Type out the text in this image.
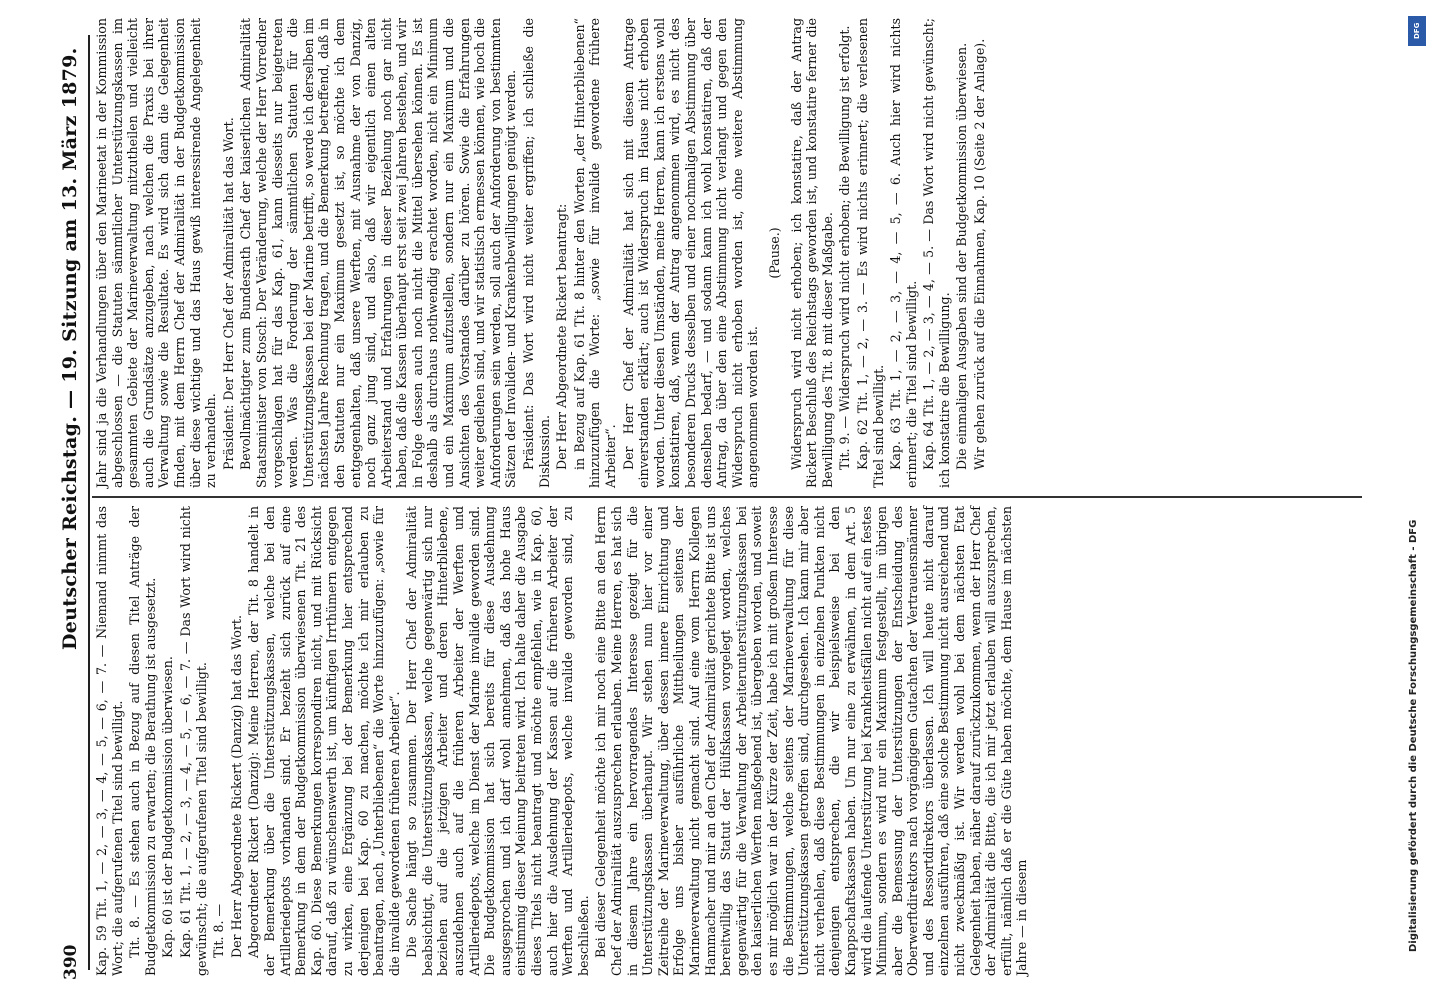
390
Deutscher Reichstag. — 19. Sitzung am 13. März 1879.

Kap. 59 Tit. 1, — 2, — 3, — 4, — 5, — 6, — 7. — Niemand nimmt das Wort; die aufgerufenen Titel sind bewilligt. Tit. 8. — Es stehen auch in Bezug auf diesen Titel Anträge der Budgetkommission zu erwarten; die Berathung ist ausgesetzt. Kap. 60 ist der Budgetkommission überwiesen. Kap. 61 Tit. 1, — 2, — 3, — 4, — 5, — 6, — 7. — Das Wort wird nicht gewünscht; die aufgerufenen Titel sind bewilligt. Tit. 8. — Der Herr Abgeordnete Rickert (Danzig) hat das Wort. Abgeordneter Rickert (Danzig): Meine Herren, der Tit. 8 handelt in der Bemerkung über die Unterstützungskassen, welche bei den Artilleriedepots vorhanden sind. Er bezieht sich zurück auf eine Bemerkung in dem der Budgetkommission überwiesenen Tit. 21 des Kap. 60. Diese Bemerkungen korrespondiren nicht, und mit Rücksicht darauf, daß zu wünschenswerth ist, um künftigen Irrthümern entgegen zu wirken, eine Ergänzung bei der Bemerkung hier entsprechend derjenigen bei Kap. 60 zu machen, möchte ich mir erlauben zu beantragen, nach „Unterbliebenen“ die Worte hinzuzufügen: „sowie für die invalide gewordenen früheren Arbeiter“. Die Sache hängt so zusammen. Der Herr Chef der Admiralität beabsichtigt, die Unterstützungskassen, welche gegenwärtig sich nur beziehen auf die jetzigen Arbeiter und deren Hinterbliebene, auszudehnen auch auf die früheren Arbeiter der Werften und Artilleriedepots, welche im Dienst der Marine invalide geworden sind. Die Budgetkommission hat sich bereits für diese Ausdehnung ausgesprochen und ich darf wohl annehmen, daß das hohe Haus einstimmig dieser Meinung beitreten wird. Ich halte daher die Ausgabe dieses Titels nicht beantragt und möchte empfehlen, wie in Kap. 60, auch hier die Ausdehnung der Kassen auf die früheren Arbeiter der Werften und Artilleriedepots, welche invalide geworden sind, zu beschließen. Bei dieser Gelegenheit möchte ich mir noch eine Bitte an den Herrn Chef der Admiralität auszusprechen erlauben. Meine Herren, es hat sich in diesem Jahre ein hervorragendes Interesse gezeigt für die Unterstützungskassen überhaupt. Wir stehen nun hier vor einer Zeitreihe der Marineverwaltung, über dessen innere Einrichtung und Erfolge uns bisher ausführliche Mittheilungen seitens der Marineverwaltung nicht gemacht sind. Auf eine vom Herrn Kollegen Hammacher und mir an den Chef der Admiralität gerichtete Bitte ist uns bereitwillig das Statut der Hülfskassen vorgelegt worden, welches gegenwärtig für die Verwaltung der Arbeiterunterstützungskassen bei den kaiserlichen Werften maßgebend ist, übergeben worden, und soweit es mir möglich war in der Kürze der Zeit, habe ich mit großem Interesse die Bestimmungen, welche seitens der Marineverwaltung für diese Unterstützungskassen getroffen sind, durchgesehen. Ich kann mir aber nicht verhehlen, daß diese Bestimmungen in einzelnen Punkten nicht denjenigen entsprechen, die wir beispielsweise bei den Knappschaftskassen haben. Um nur eine zu erwähnen, in dem Art. 5 wird die laufende Unterstützung bei Krankheitsfällen nicht auf ein festes Minimum, sondern es wird nur ein Maximum festgestellt, im übrigen aber die Bemessung der Unterstützungen der Entscheidung des Oberwerftdirektors nach vorgängigem Gutachten der Vertrauensmänner und des Ressortdirektors überlassen. Ich will heute nicht darauf einzelnen ausführen, daß eine solche Bestimmung nicht ausreichend und nicht zweckmäßig ist. Wir werden wohl bei dem nächsten Etat Gelegenheit haben, näher darauf zurückzukommen, wenn der Herr Chef der Admiralität die Bitte, die ich mir jetzt erlauben will auszusprechen, erfüllt, nämlich daß er die Güte haben möchte, dem Hause im nächsten Jahre — in diesem

Jahr sind ja die Verhandlungen über den Marineetat in der Kommission abgeschlossen — die Statuten sämmtlicher Unterstützungskassen im gesammten Gebiete der Marineverwaltung mitzutheilen und vielleicht auch die Grundsätze anzugeben, nach welchen die Praxis bei ihrer Verwaltung sowie die Resultate. Es wird sich dann die Gelegenheit finden, mit dem Herrn Chef der Admiralität in der Budgetkommission über diese wichtige und das Haus gewiß interessirende Angelegenheit zu verhandeln. Präsident: Der Herr Chef der Admiralität hat das Wort. Bevollmächtigter zum Bundesrath Chef der kaiserlichen Admiralität Staatsminister von Stosch: Der Veränderung, welche der Herr Vorredner vorgeschlagen hat für das Kap. 61, kann diesseits nur beigetreten werden. Was die Forderung der sämmtlichen Statuten für die Unterstützungskassen bei der Marine betrifft, so werde ich derselben im nächsten Jahre Rechnung tragen, und die Bemerkung betreffend, daß in den Statuten nur ein Maximum gesetzt ist, so möchte ich dem entgegenhalten, daß unsere Werften, mit Ausnahme der von Danzig, noch ganz jung sind, und also, daß wir eigentlich einen alten Arbeiterstand und Erfahrungen in dieser Beziehung noch gar nicht haben, daß die Kassen überhaupt erst seit zwei Jahren bestehen, und wir in Folge dessen auch noch nicht die Mittel übersehen können. Es ist deshalb als durchaus nothwendig erachtet worden, nicht ein Minimum und ein Maximum aufzustellen, sondern nur ein Maximum und die Ansichten des Vorstandes darüber zu hören. Sowie die Erfahrungen weiter gediehen sind, und wir statistisch ermessen können, wie hoch die Anforderungen sein werden, soll auch der Anforderung von bestimmten Sätzen der Invaliden- und Krankenbewilligungen genügt werden. Präsident: Das Wort wird nicht weiter ergriffen; ich schließe die Diskussion. Der Herr Abgeordnete Rickert beantragt: in Bezug auf Kap. 61 Tit. 8 hinter den Worten „der Hinterbliebenen“ hinzuzufügen die Worte: „sowie für invalide gewordene frühere Arbeiter“. Der Herr Chef der Admiralität hat sich mit diesem Antrage einverstanden erklärt; auch ist Widerspruch im Hause nicht erhoben worden. Unter diesen Umständen, meine Herren, kann ich erstens wohl konstatiren, daß, wenn der Antrag angenommen wird, es nicht des besonderen Drucks desselben und einer nochmaligen Abstimmung über denselben bedarf, — und sodann kann ich wohl konstatiren, daß der Antrag, da über den eine Abstimmung nicht verlangt und gegen den Widerspruch nicht erhoben worden ist, ohne weitere Abstimmung angenommen worden ist.

(Pause.) Widerspruch wird nicht erhoben; ich konstatire, daß der Antrag Rickert Beschluß des Reichstags geworden ist, und konstatire ferner die Bewilligung des Tit. 8 mit dieser Maßgabe. Tit. 9. — Widerspruch wird nicht erhoben; die Bewilligung ist erfolgt. Kap. 62 Tit. 1, — 2, — 3. — Es wird nichts erinnert; die verlesenen Titel sind bewilligt. Kap. 63 Tit. 1, — 2, — 3, — 4, — 5, — 6. Auch hier wird nichts erinnert; die Titel sind bewilligt. Kap. 64 Tit. 1, — 2, — 3, — 4, — 5. — Das Wort wird nicht gewünscht; ich konstatire die Bewilligung. Die einmaligen Ausgaben sind der Budgetkommission überwiesen. Wir gehen zurück auf die Einnahmen, Kap. 10 (Seite 2 der Anlage).

DFG
Digitalisierung gefördert durch die Deutsche Forschungsgemeinschaft - DFG
